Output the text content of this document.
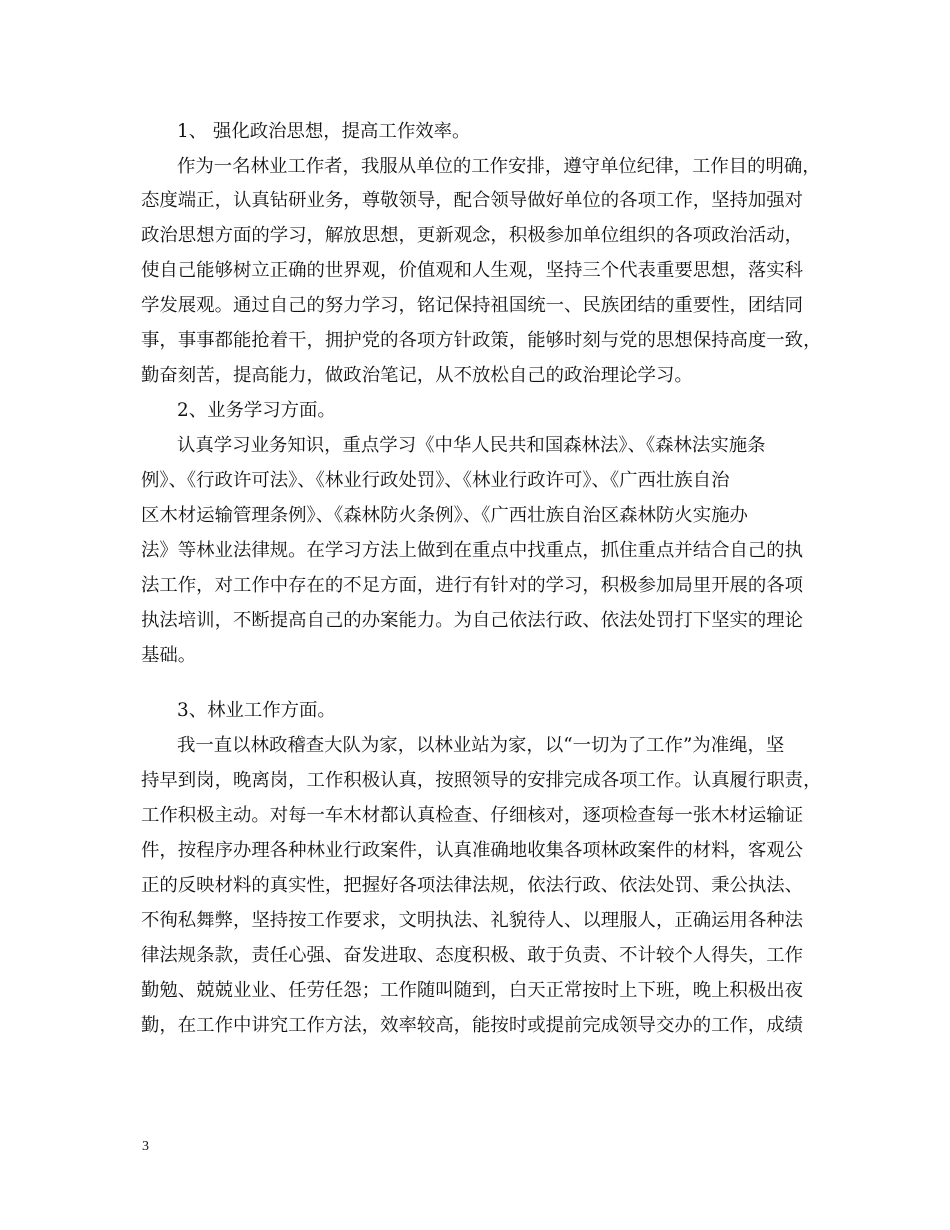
1、 强化政治思想，提高工作效率。
作为一名林业工作者，我服从单位的工作安排，遵守单位纪律，工作目的明确，
态度端正，认真钻研业务，尊敬领导，配合领导做好单位的各项工作，坚持加强对
政治思想方面的学习，解放思想，更新观念，积极参加单位组织的各项政治活动，
使自己能够树立正确的世界观，价值观和人生观，坚持三个代表重要思想，落实科
学发展观。通过自己的努力学习，铭记保持祖国统一、民族团结的重要性，团结同
事，事事都能抢着干，拥护党的各项方针政策，能够时刻与党的思想保持高度一致，
勤奋刻苦，提高能力，做政治笔记，从不放松自己的政治理论学习。
2、业务学习方面。
认真学习业务知识，重点学习《中华人民共和国森林法》、《森林法实施条
例》、《行政许可法》、《林业行政处罚》、《林业行政许可》、《广西壮族自治
区木材运输管理条例》、《森林防火条例》、《广西壮族自治区森林防火实施办
法》等林业法律规。在学习方法上做到在重点中找重点，抓住重点并结合自己的执
法工作，对工作中存在的不足方面，进行有针对的学习，积极参加局里开展的各项
执法培训，不断提高自己的办案能力。为自己依法行政、依法处罚打下坚实的理论
基础。
3、林业工作方面。
我一直以林政稽查大队为家，以林业站为家，以“一切为了工作”为准绳，坚
持早到岗，晚离岗，工作积极认真，按照领导的安排完成各项工作。认真履行职责，
工作积极主动。对每一车木材都认真检查、仔细核对，逐项检查每一张木材运输证
件，按程序办理各种林业行政案件，认真准确地收集各项林政案件的材料，客观公
正的反映材料的真实性，把握好各项法律法规，依法行政、依法处罚、秉公执法、
不徇私舞弊，坚持按工作要求，文明执法、礼貌待人、以理服人，正确运用各种法
律法规条款，责任心强、奋发进取、态度积极、敢于负责、不计较个人得失，工作
勤勉、兢兢业业、任劳任怨；工作随叫随到，白天正常按时上下班，晚上积极出夜
勤，在工作中讲究工作方法，效率较高，能按时或提前完成领导交办的工作，成绩
3
